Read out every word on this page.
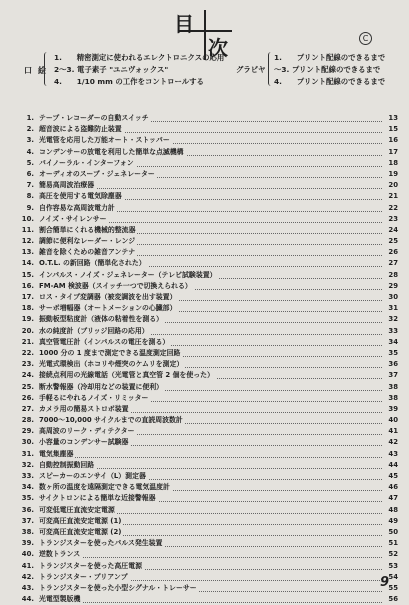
目
次	C
口絵
1.　　精密測定に使われるエレクトロニクスの応用
2～3. 電子素子 "ユニヴォックス"
4.　　1/10 mm の工作をコントロールする
グラビヤ
1.　　プリント配線のできるまで
～3. プリント配線のできるまで
4.　　プリント配線のできるまで
1. テープ・レコーダーの自動スイッチ	13
2. 超音波による盗難防止装置	15
3. 光電管を応用した万能オート・ストッパー	16
4. コンデンサーの放電を利用した簡単な点滅機構	17
5. バイノーラル・インターフォン	18
6. オーディオのスーブ・ジェネレーター	19
7. 簡易高周波治療器	20
8. 高圧を使用する電気除塵器	21
9. 自作容易な高周波電力計	22
10. ノイズ・サイレンサー	23
11. 割合簡単にくれる機械的整流器	24
12. 調節に便利なレーダー・レンジ	25
13. 雑音を除くための雑音アンテナ	26
14. O.T.L. の新回路（簡単化された）	27
15. インパルス・ノイズ・ジェネレーター（テレビ試験装置）	28
16. FM-AM 検波器（スイッチ一つで切換えられる）	29
17. ロス・タイプ変調器（被変調波を出す装置）	30
18. サーボ増幅器（オートメーションの心臓部）	31
19. 振動板型粘度計（液体の粘着性を測る）	32
20. 水の純度計（ブリッジ回路の応用）	33
21. 真空管電圧計（インパルスの電圧を測る）	34
22. 1000 分の 1 度まで測定できる温度測定回路	35
23. 光電式環検出（ホコリや煙突のケムリを測定）	36
24. 接続点利用の光線電話（光電管と真空管 2 個を使った）	37
25. 断水警報器（冷却用などの装置に便利）	38
26. 手軽るにやれるノイズ・リミッター	38
27. カメラ用の簡易ストロボ装置	39
28. 7000～10,000 サイクルまでの直読周波数計	40
29. 高周波のリーク・ディテクター	41
30. 小容量のコンデンサー試験器	42
31. 電気集塵器	43
32. 自動控制振動回路	44
33. スピーカーのエンサイ（L）測定器	45
34. 数ヶ所の温度を遠隔測定できる電気温度計	46
35. サイクトロンによる簡単な近接警報器	47
36. 可変低電圧直流安定電源	48
37. 可変高圧直流安定電源 (1)	49
38. 可変高圧直流安定電源 (2)	50
39. トランジスターを使ったパルス発生装置	51
40. 逆数トランス	52
41. トランジスターを使った高圧電源	53
42. トランジスター・プリアンプ	54
43. トランジスターを使った小型シグナル・トレーサー	55
44. 光電型製版機	56
9
